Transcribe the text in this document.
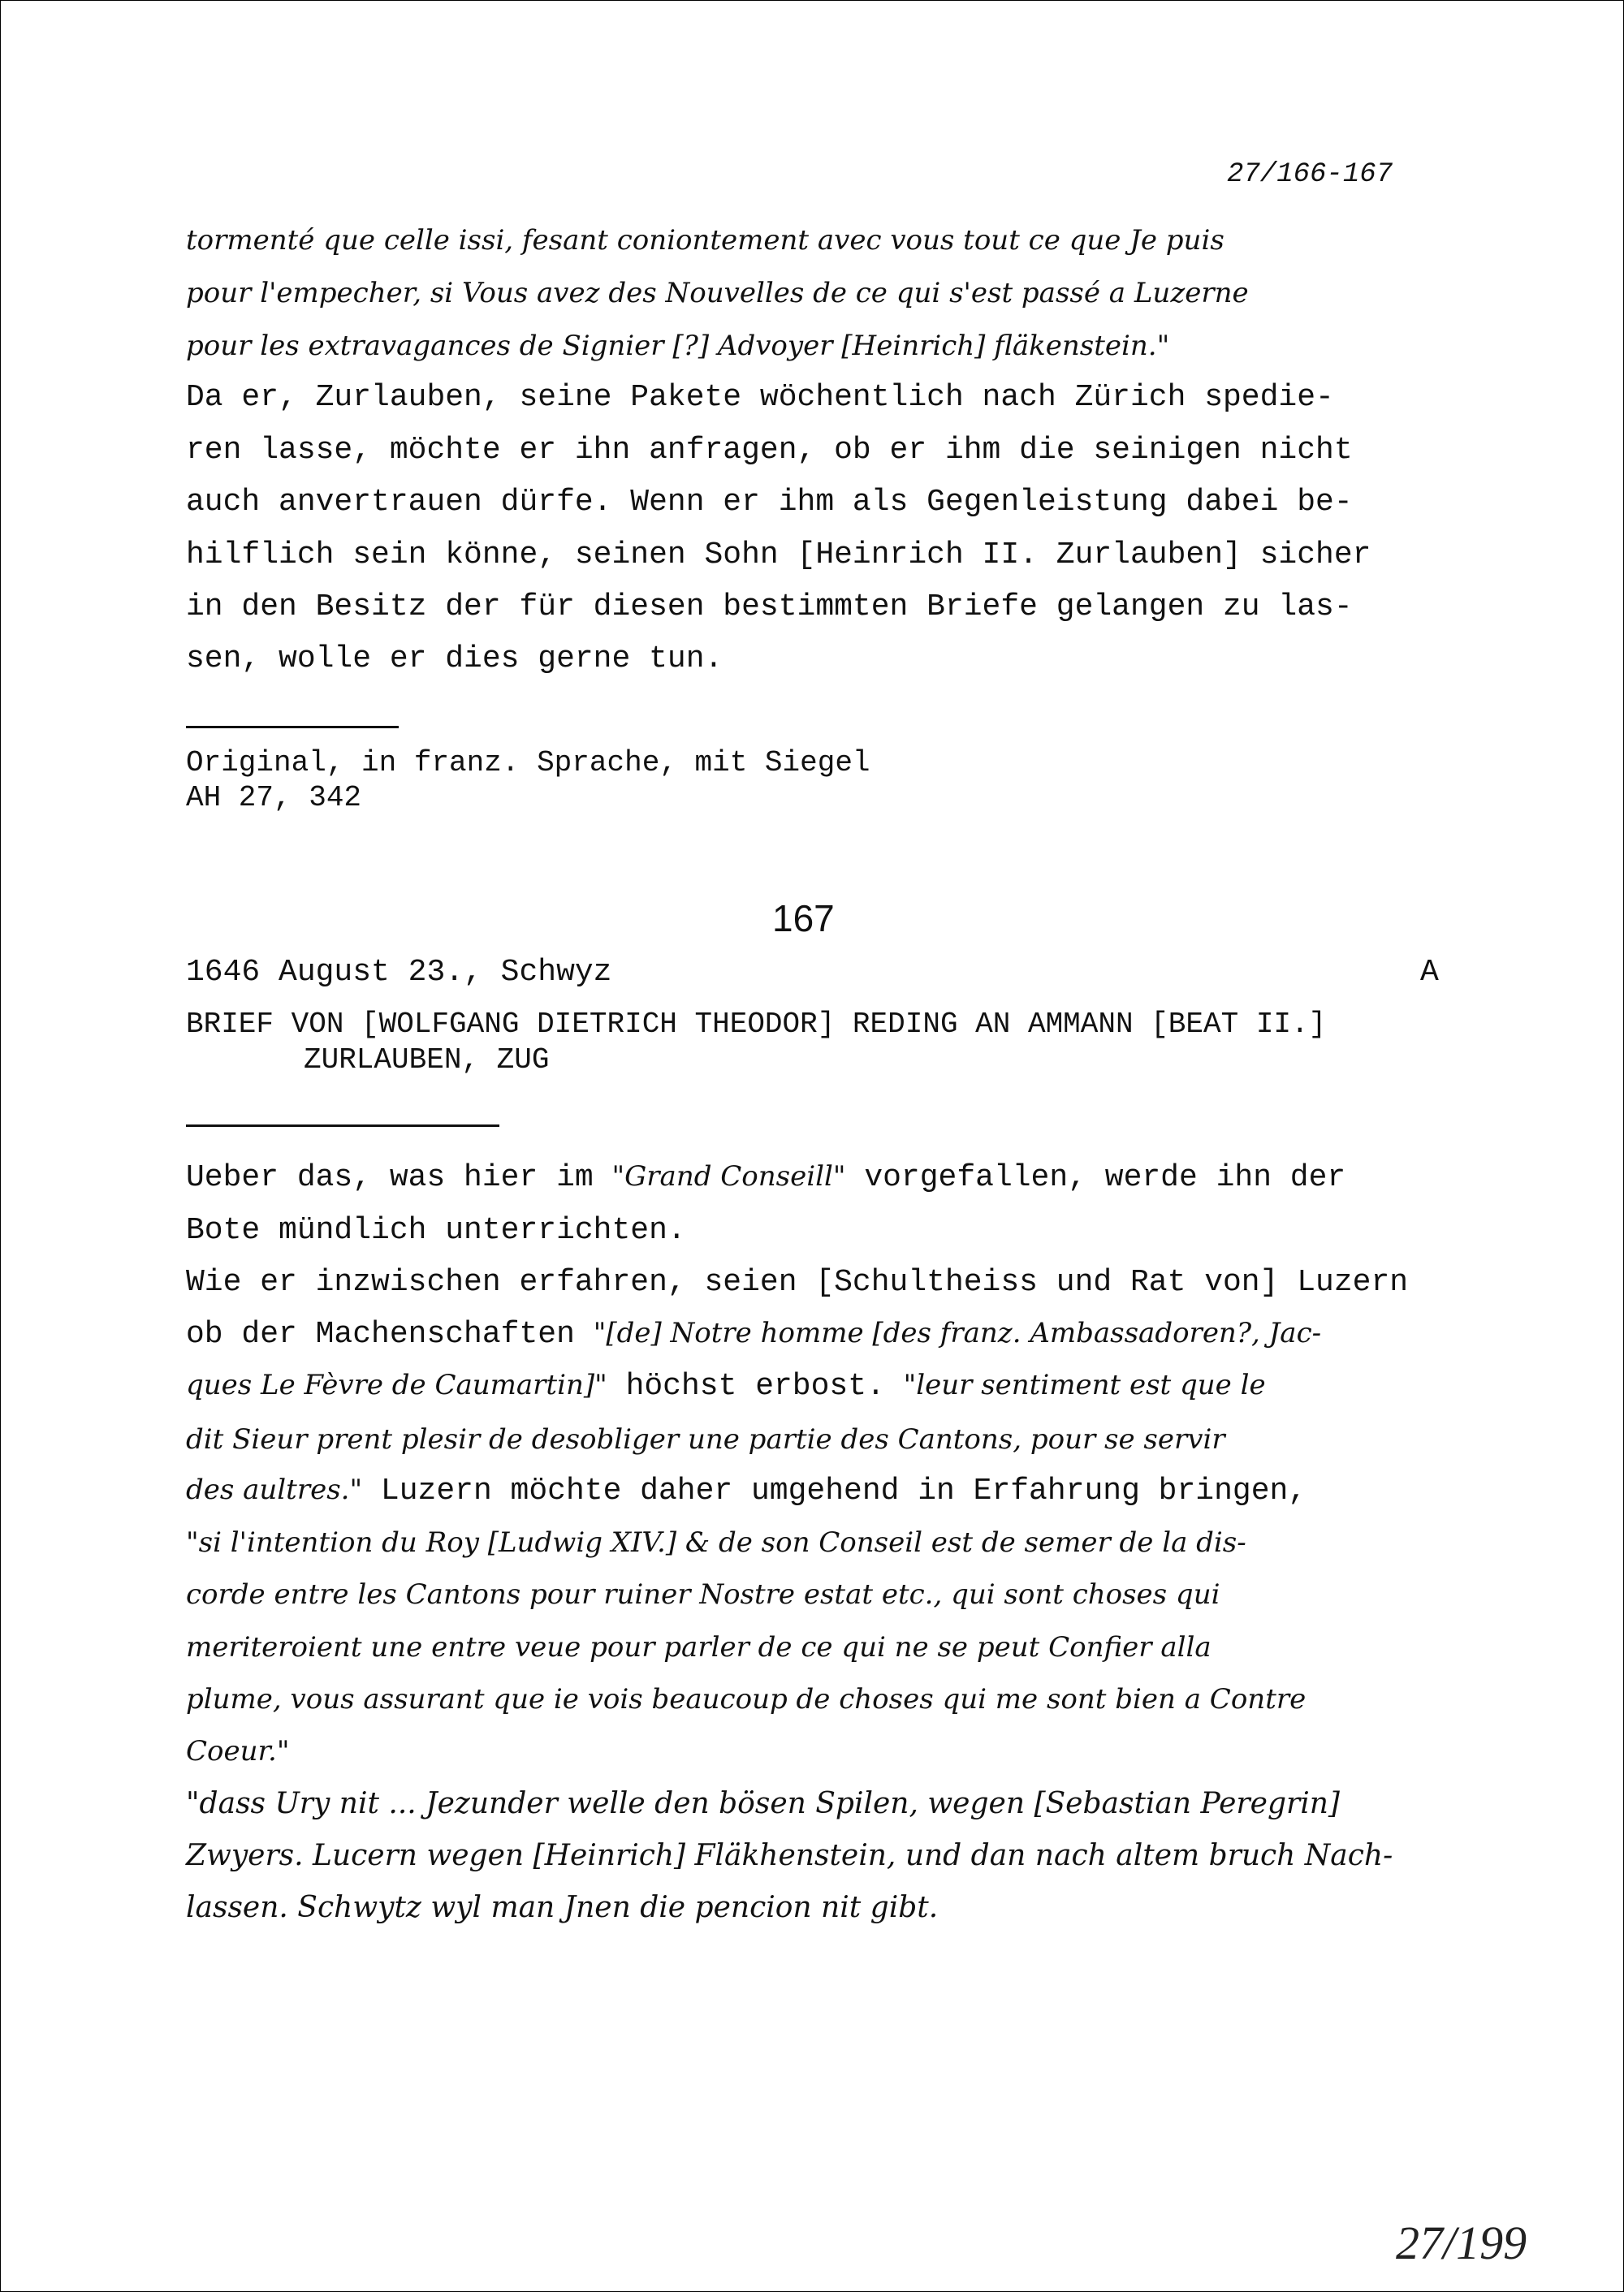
27/166-167
tormenté que celle issi, fesant coniontement avec vous tout ce que Je puis
pour l'empecher, si Vous avez des Nouvelles de ce qui s'est passé a Luzerne
pour les extravagances de Signier [?] Advoyer [Heinrich] fläkenstein."
Da er, Zurlauben, seine Pakete wöchentlich nach Zürich spedie-
ren lasse, möchte er ihn anfragen, ob er ihm die seinigen nicht
auch anvertrauen dürfe. Wenn er ihm als Gegenleistung dabei be-
hilflich sein könne, seinen Sohn [Heinrich II. Zurlauben] sicher
in den Besitz der für diesen bestimmten Briefe gelangen zu las-
sen, wolle er dies gerne tun.
Original, in franz. Sprache, mit Siegel
AH 27, 342
167
1646 August 23., Schwyz	A
BRIEF VON [WOLFGANG DIETRICH THEODOR] REDING AN AMMANN [BEAT II.]
ZURLAUBEN, ZUG
Ueber das, was hier im "Grand Conseill" vorgefallen, werde ihn der
Bote mündlich unterrichten.
Wie er inzwischen erfahren, seien [Schultheiss und Rat von] Luzern
ob der Machenschaften "[de] Notre homme [des franz. Ambassadoren?, Jac-
ques Le Fèvre de Caumartin]" höchst erbost. "leur sentiment est que le
dit Sieur prent plesir de desobliger une partie des Cantons, pour se servir
des aultres." Luzern möchte daher umgehend in Erfahrung bringen,
"si l'intention du Roy [Ludwig XIV.] & de son Conseil est de semer de la dis-
corde entre les Cantons pour ruiner Nostre estat etc., qui sont choses qui
meriteroient une entre veue pour parler de ce qui ne se peut Confier alla
plume, vous assurant que ie vois beaucoup de choses qui me sont bien a Contre
Coeur."
"dass Ury nit ... Jezunder welle den bösen Spilen, wegen [Sebastian Peregrin]
Zwyers. Lucern wegen [Heinrich] Fläkhenstein, und dan nach altem bruch Nach-
lassen. Schwytz wyl man Jnen die pencion nit gibt.
27/199
